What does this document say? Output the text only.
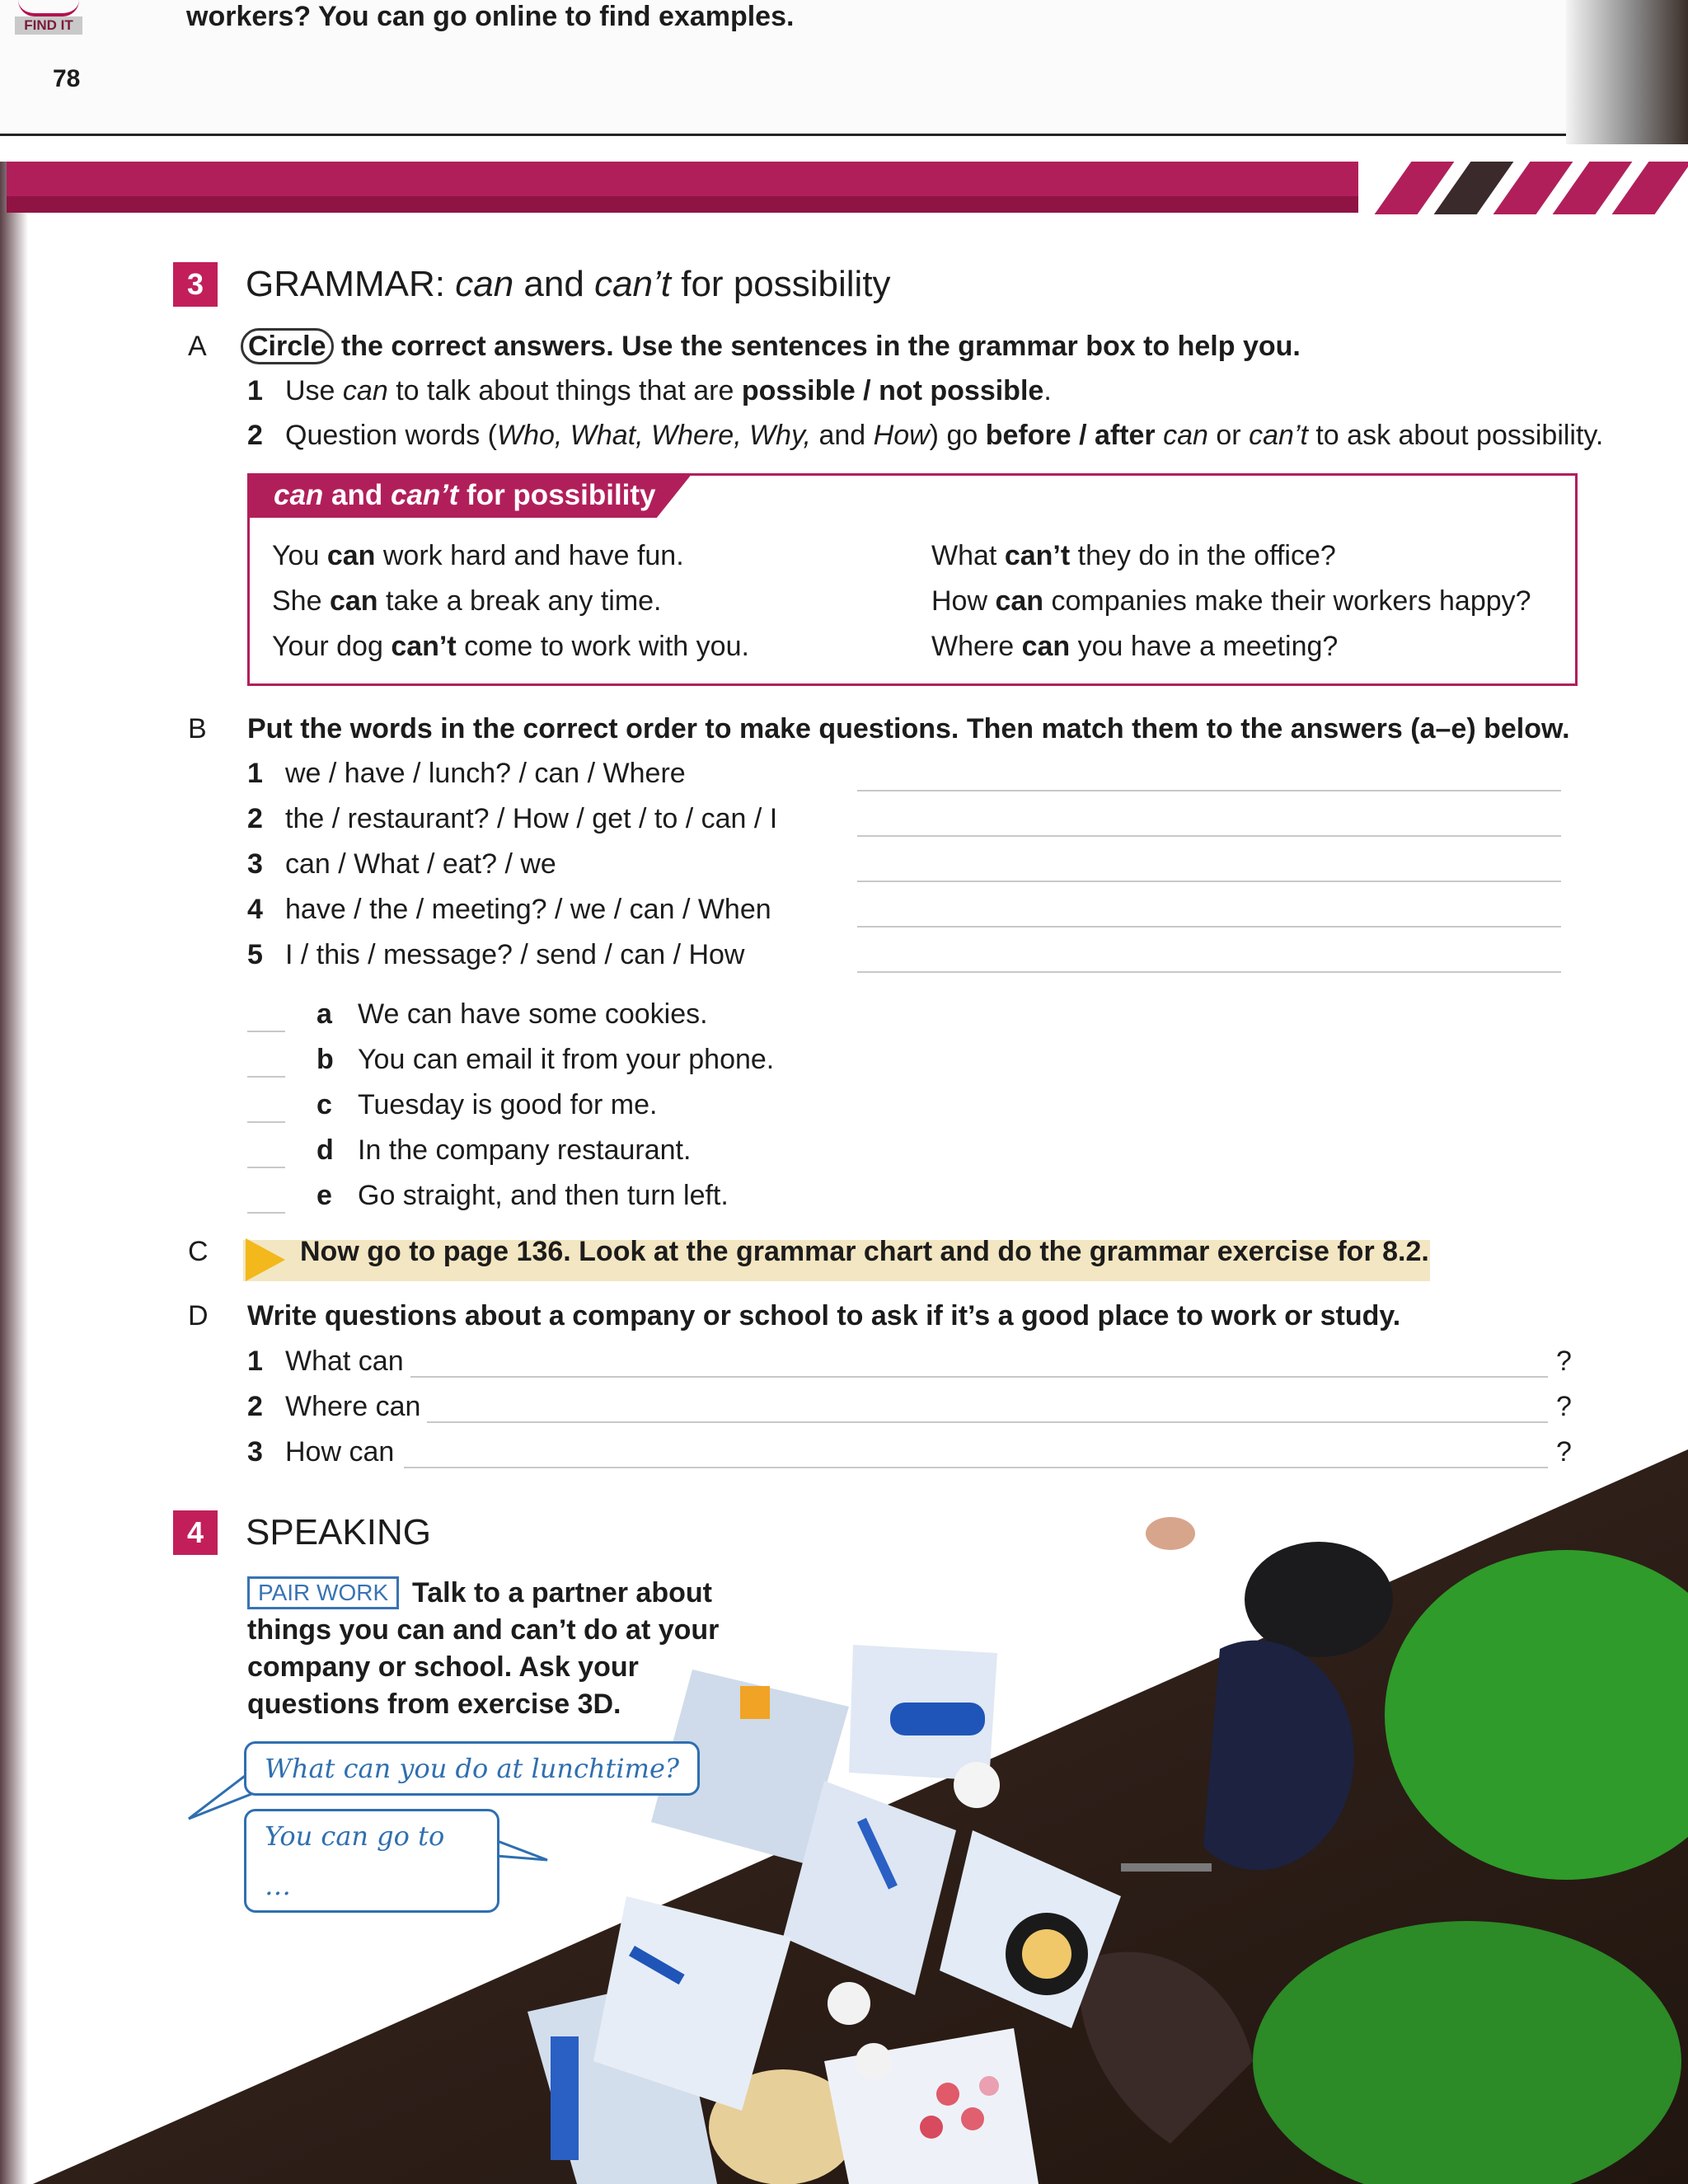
FIND IT	workers? You can go online to find examples.
78
3	GRAMMAR: can and can’t for possibility
A Circle the correct answers. Use the sentences in the grammar box to help you.
1 Use can to talk about things that are possible / not possible.
2 Question words (Who, What, Where, Why, and How) go before / after can or can’t to ask about possibility.
can and can’t for possibility
You can work hard and have fun.
She can take a break any time.
Your dog can’t come to work with you.
What can’t they do in the office?
How can companies make their workers happy?
Where can you have a meeting?
B Put the words in the correct order to make questions. Then match them to the answers (a–e) below.
1 we / have / lunch? / can / Where
2 the / restaurant? / How / get / to / can / I
3 can / What / eat? / we
4 have / the / meeting? / we / can / When
5 I / this / message? / send / can / How
a We can have some cookies.
b You can email it from your phone.
c Tuesday is good for me.
d In the company restaurant.
e Go straight, and then turn left.
C	Now go to page 136. Look at the grammar chart and do the grammar exercise for 8.2.
D Write questions about a company or school to ask if it’s a good place to work or study.
1 What can	?
2 Where can	?
3 How can	?
4	SPEAKING
PAIR WORK Talk to a partner about
things you can and can’t do at your
company or school. Ask your
questions from exercise 3D.
What can you do at lunchtime?
You can go to …
